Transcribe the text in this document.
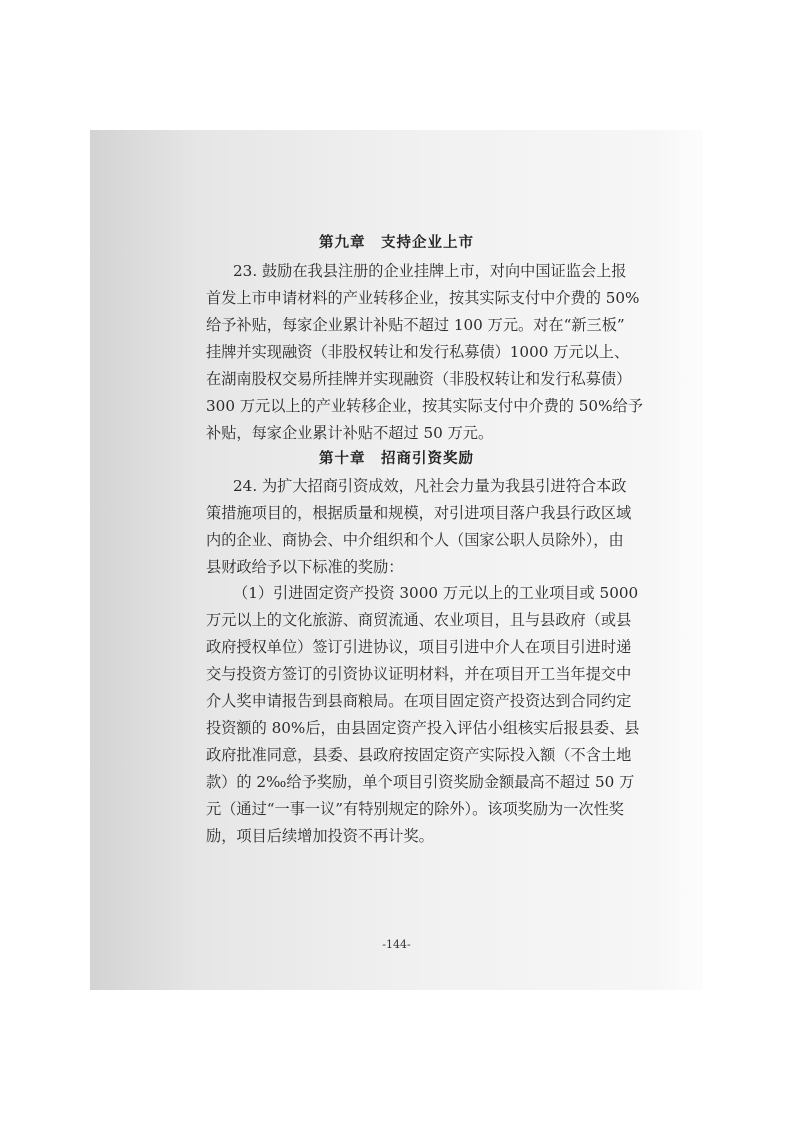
第九章　支持企业上市
23. 鼓励在我县注册的企业挂牌上市，对向中国证监会上报
首发上市申请材料的产业转移企业，按其实际支付中介费的 50%
给予补贴，每家企业累计补贴不超过 100 万元。对在“新三板”
挂牌并实现融资（非股权转让和发行私募债）1000 万元以上、
在湖南股权交易所挂牌并实现融资（非股权转让和发行私募债）
300 万元以上的产业转移企业，按其实际支付中介费的 50%给予
补贴，每家企业累计补贴不超过 50 万元。
第十章　招商引资奖励
24. 为扩大招商引资成效，凡社会力量为我县引进符合本政
策措施项目的，根据质量和规模，对引进项目落户我县行政区域
内的企业、商协会、中介组织和个人（国家公职人员除外），由
县财政给予以下标准的奖励：
（1）引进固定资产投资 3000 万元以上的工业项目或 5000
万元以上的文化旅游、商贸流通、农业项目，且与县政府（或县
政府授权单位）签订引进协议，项目引进中介人在项目引进时递
交与投资方签订的引资协议证明材料，并在项目开工当年提交中
介人奖申请报告到县商粮局。在项目固定资产投资达到合同约定
投资额的 80%后，由县固定资产投入评估小组核实后报县委、县
政府批准同意，县委、县政府按固定资产实际投入额（不含土地
款）的 2‰给予奖励，单个项目引资奖励金额最高不超过 50 万
元（通过“一事一议”有特别规定的除外）。该项奖励为一次性奖
励，项目后续增加投资不再计奖。
-144-
